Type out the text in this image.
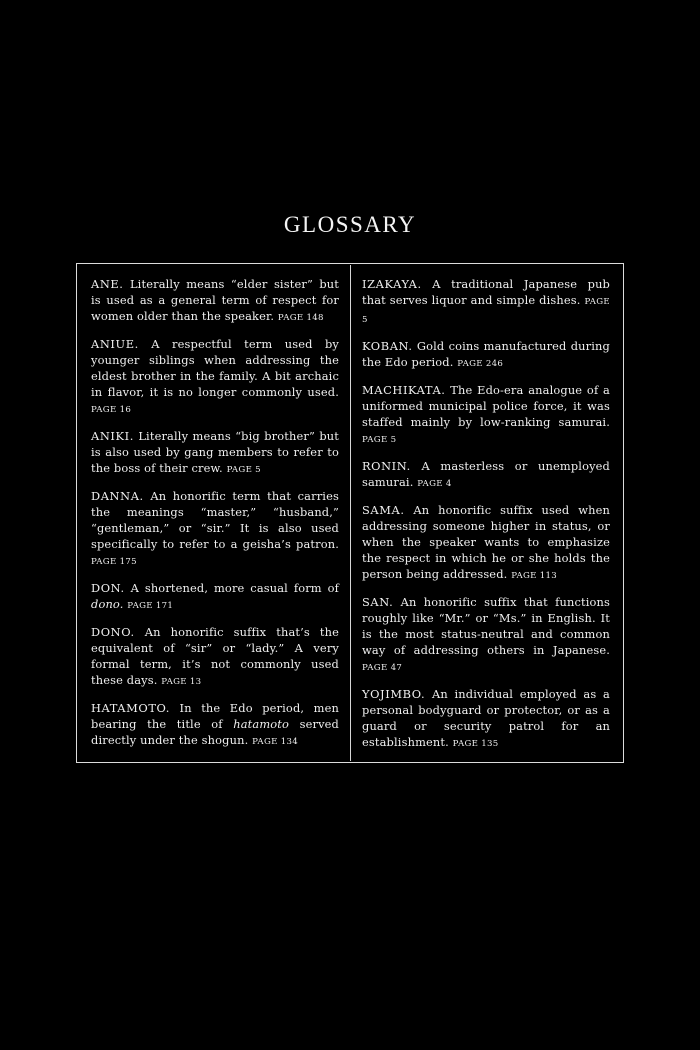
GLOSSARY

ANE. Literally means “elder sister” but is used as a general term of respect for women older than the speaker. PAGE 148

ANIUE. A respectful term used by younger siblings when addressing the eldest brother in the family. A bit archaic in flavor, it is no longer commonly used. PAGE 16

ANIKI. Literally means “big brother” but is also used by gang members to refer to the boss of their crew. PAGE 5

DANNA. An honorific term that carries the meanings “master,” “husband,” “gentleman,” or “sir.” It is also used specifically to refer to a geisha’s patron. PAGE 175

DON. A shortened, more casual form of dono. PAGE 171

DONO. An honorific suffix that’s the equivalent of “sir” or “lady.” A very formal term, it’s not commonly used these days. PAGE 13

HATAMOTO. In the Edo period, men bearing the title of hatamoto served directly under the shogun. PAGE 134

IZAKAYA. A traditional Japanese pub that serves liquor and simple dishes. PAGE 5

KOBAN. Gold coins manufactured during the Edo period. PAGE 246

MACHIKATA. The Edo-era analogue of a uniformed municipal police force, it was staffed mainly by low-ranking samurai. PAGE 5

RONIN. A masterless or unemployed samurai. PAGE 4

SAMA. An honorific suffix used when addressing someone higher in status, or when the speaker wants to emphasize the respect in which he or she holds the person being addressed. PAGE 113

SAN. An honorific suffix that functions roughly like “Mr.” or “Ms.” in English. It is the most status-neutral and common way of addressing others in Japanese. PAGE 47

YOJIMBO. An individual employed as a personal bodyguard or protector, or as a guard or security patrol for an establishment. PAGE 135
